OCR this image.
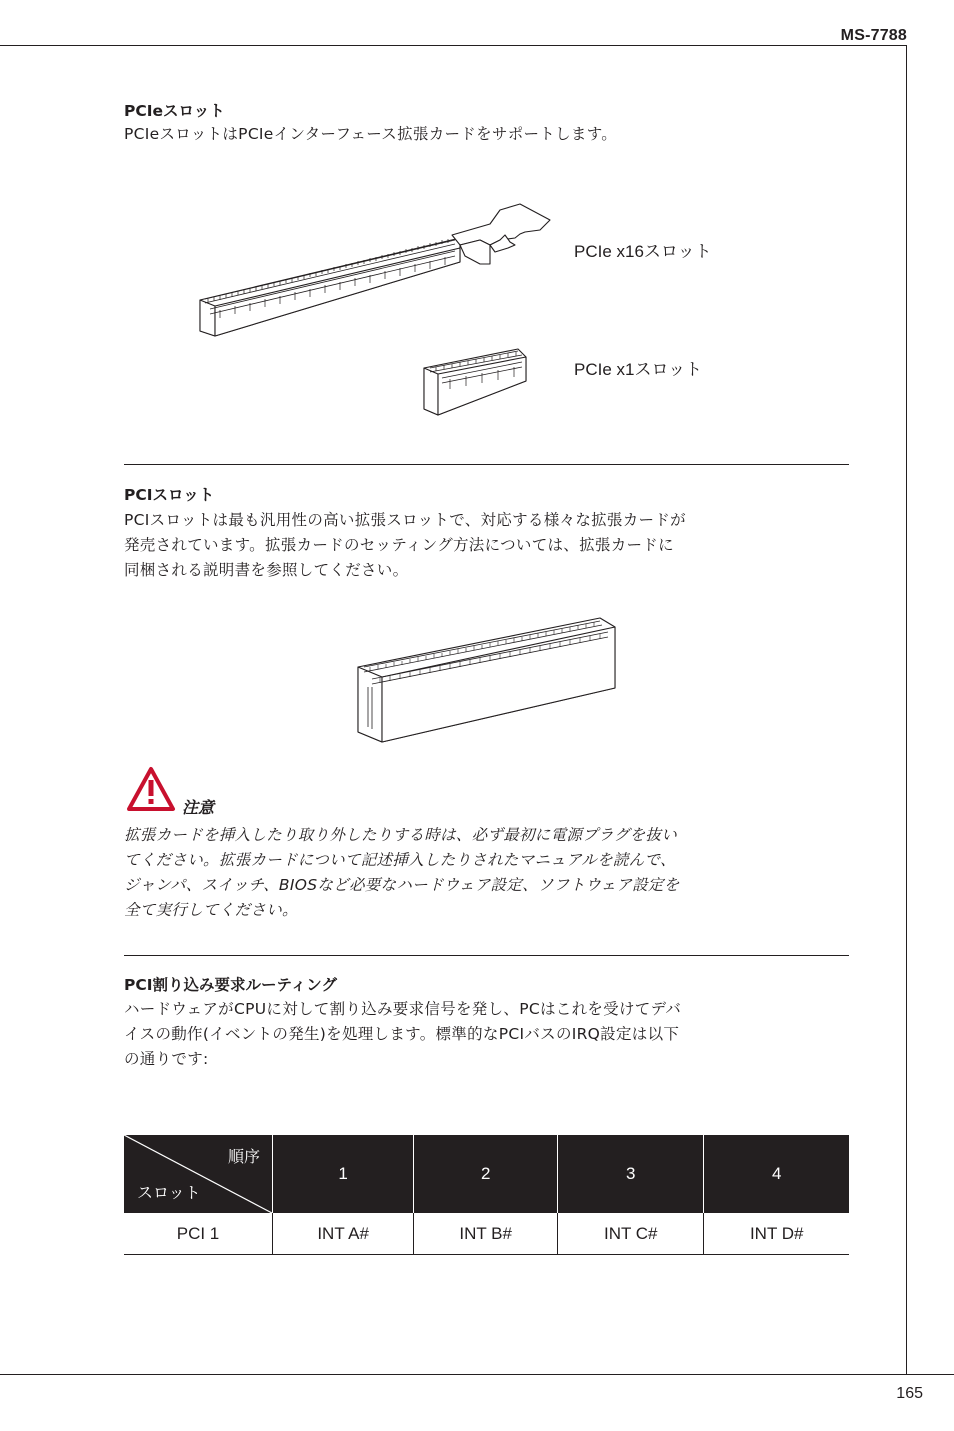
MS-7788
165
PCIeスロット

PCIeスロットはPCIeインターフェース拡張カードをサポートします。

PCIe x16スロット
PCIe x1スロット
PCIスロット

PCIスロットは最も汎用性の高い拡張スロットで、対応する様々な拡張カードが

発売されています。拡張カードのセッティング方法については、拡張カードに

同梱される説明書を参照してください。

注意

拡張カードを挿入したり取り外したりする時は、必ず最初に電源プラグを抜い

てください。拡張カードについて記述挿入したりされたマニュアルを読んで、

ジャンパ、スイッチ、BIOSなど必要なハードウェア設定、ソフトウェア設定を

全て実行してください。

PCI割り込み要求ルーティング

ハードウェアがCPUに対して割り込み要求信号を発し、PCはこれを受けてデバ

イスの動作(イベントの発生)を処理します。標準的なPCIバスのIRQ設定は以下

の通りです:

順序
スロット	1	2	3	4
PCI 1	INT A#	INT B#	INT C#	INT D#
